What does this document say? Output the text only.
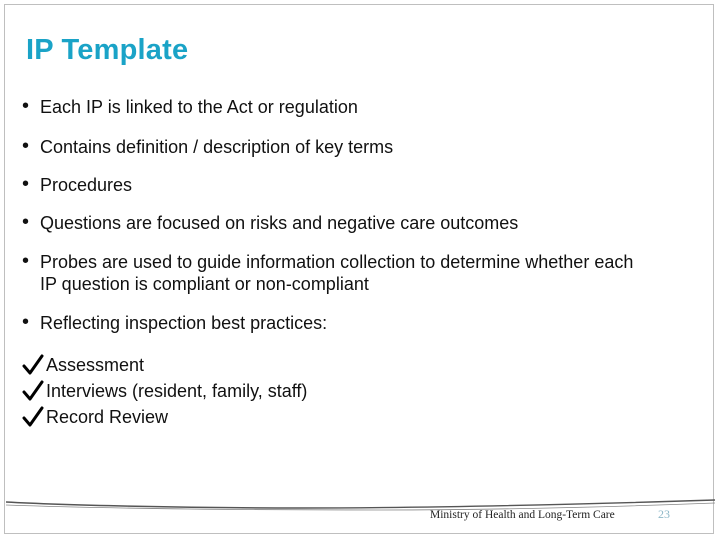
IP Template
• Each IP is linked to the Act or regulation
• Contains definition / description of key terms
• Procedures
• Questions are focused on risks and negative care outcomes
• Probes are used to guide information collection to determine whether each IP question is compliant or non-compliant
• Reflecting inspection best practices:
Assessment
Interviews (resident, family, staff)
Record Review
Ministry of Health and Long-Term Care	23
